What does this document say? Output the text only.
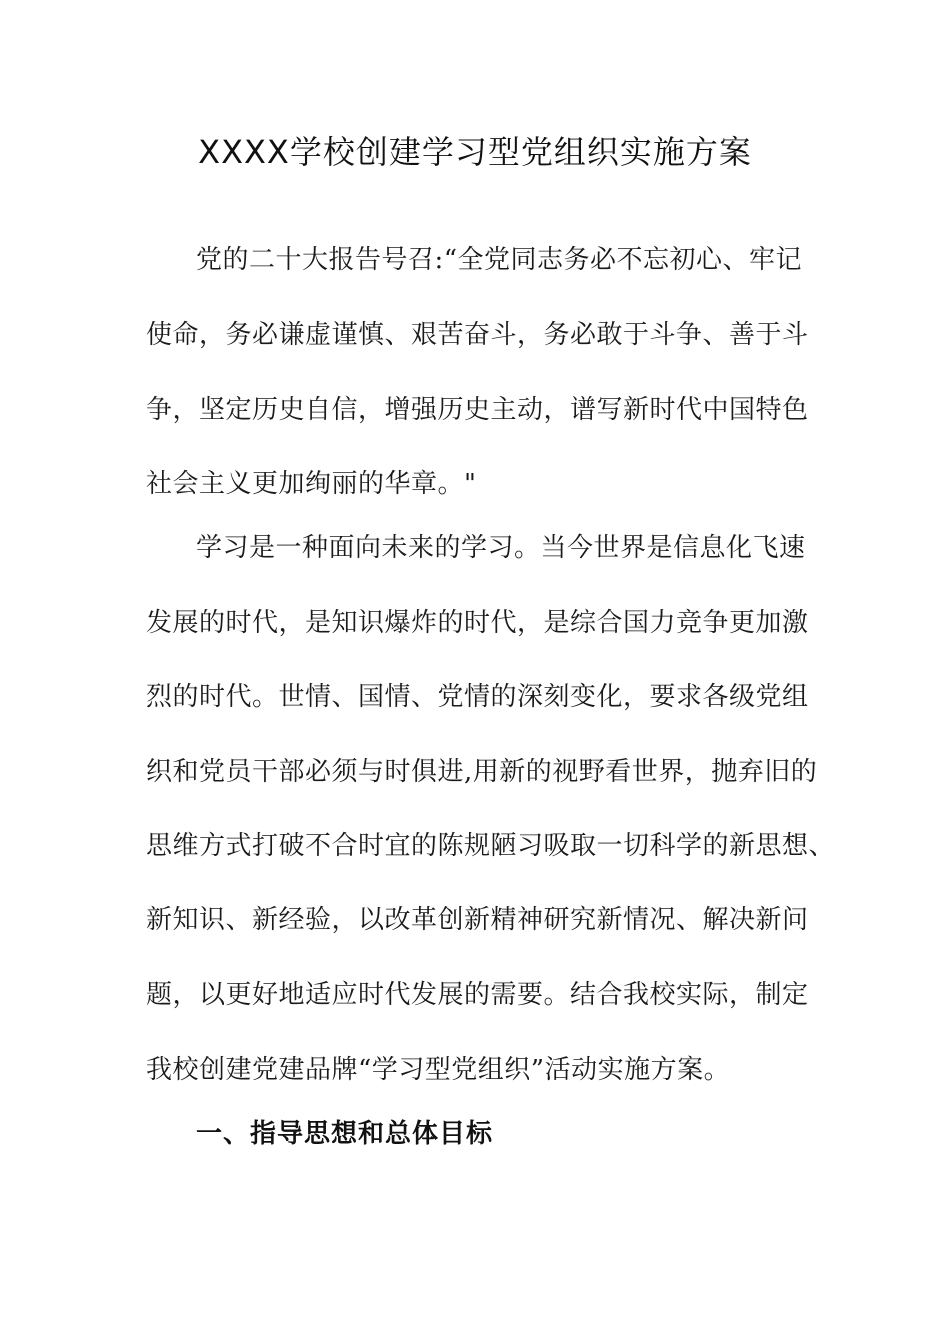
XXXX学校创建学习型党组织实施方案
党的二十大报告号召:“全党同志务必不忘初心、牢记
使命，务必谦虚谨慎、艰苦奋斗，务必敢于斗争、善于斗
争，坚定历史自信，增强历史主动，谱写新时代中国特色
社会主义更加绚丽的华章。"
学习是一种面向未来的学习。当今世界是信息化飞速
发展的时代，是知识爆炸的时代，是综合国力竞争更加激
烈的时代。世情、国情、党情的深刻变化，要求各级党组
织和党员干部必须与时俱进,用新的视野看世界，抛弃旧的
思维方式打破不合时宜的陈规陋习吸取一切科学的新思想、
新知识、新经验，以改革创新精神研究新情况、解决新问
题，以更好地适应时代发展的需要。结合我校实际，制定
我校创建党建品牌“学习型党组织”活动实施方案。
一、指导思想和总体目标
